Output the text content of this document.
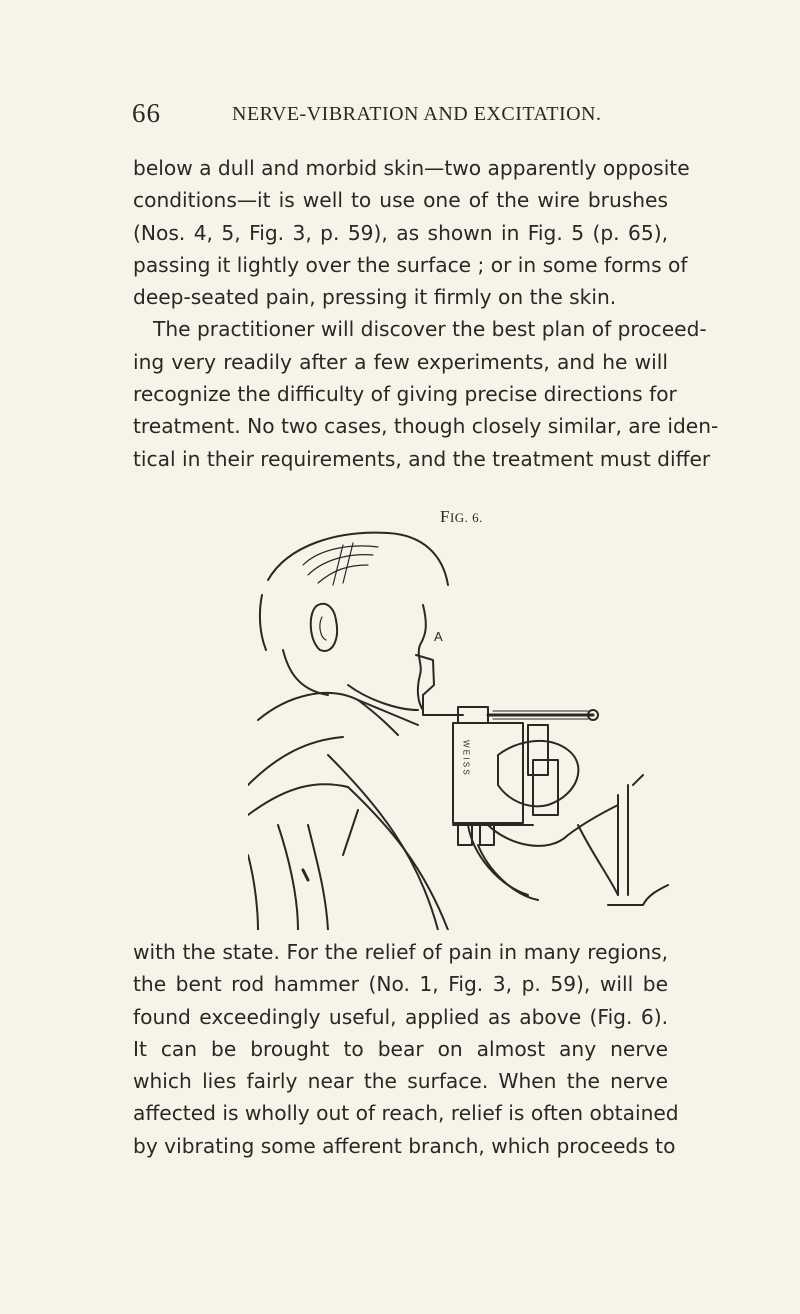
66	NERVE-VIBRATION AND EXCITATION.
below a dull and morbid skin—two apparently opposite
conditions—it is well to use one of the wire brushes
(Nos. 4, 5, Fig. 3, p. 59), as shown in Fig. 5 (p. 65),
passing it lightly over the surface ; or in some forms of
deep-seated pain, pressing it firmly on the skin.
The practitioner will discover the best plan of proceed-
ing very readily after a few experiments, and he will
recognize the difficulty of giving precise directions for
treatment. No two cases, though closely similar, are iden-
tical in their requirements, and the treatment must differ
FIG. 6.
A
W E I S S
with the state. For the relief of pain in many regions,
the bent rod hammer (No. 1, Fig. 3, p. 59), will be
found exceedingly useful, applied as above (Fig. 6).
It can be brought to bear on almost any nerve
which lies fairly near the surface. When the nerve
affected is wholly out of reach, relief is often obtained
by vibrating some afferent branch, which proceeds to
